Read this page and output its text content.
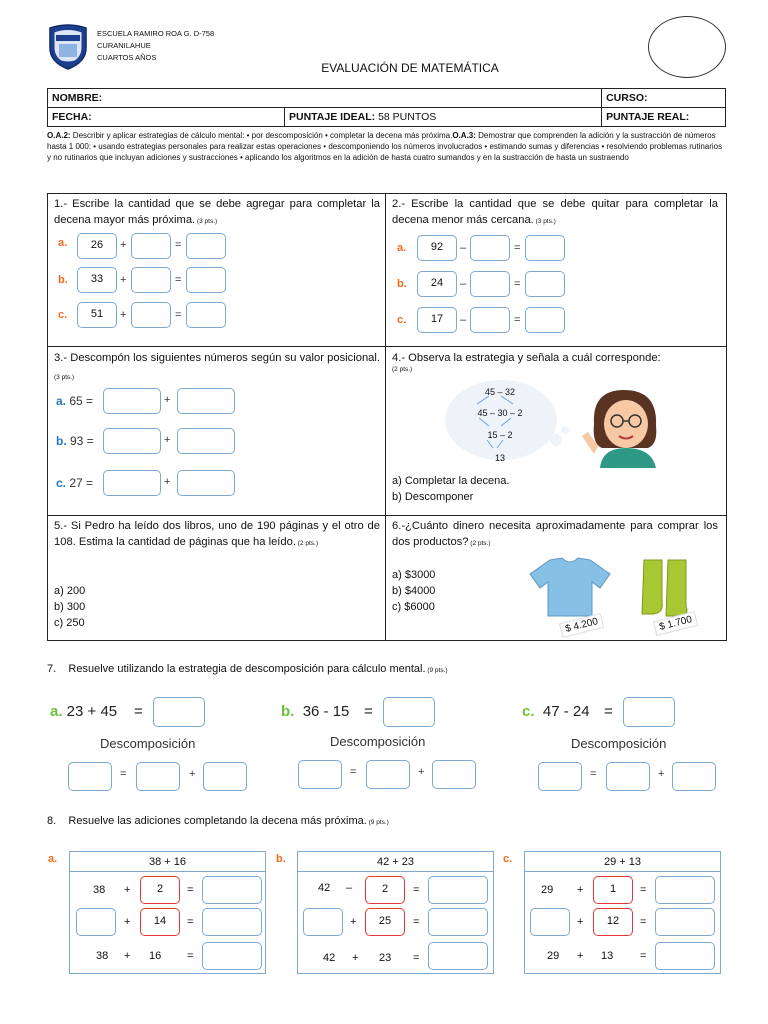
ESCUELA RAMIRO ROA G. D-758
CURANILAHUE
CUARTOS AÑOS
EVALUACIÓN DE MATEMÁTICA
NOMBRE:		CURSO:
FECHA:	PUNTAJE IDEAL: 58 PUNTOS	PUNTAJE REAL:
O.A.2: Describir y aplicar estrategias de cálculo mental: • por descomposición • completar la decena más próxima.O.A.3: Demostrar que comprenden la adición y la sustracción de números hasta 1 000: • usando estrategias personales para realizar estas operaciones • descomponiendo los números involucrados • estimando sumas y diferencias • resolviendo problemas rutinarios y no rutinarios que incluyan adiciones y sustracciones • aplicando los algoritmos en la adición de hasta cuatro sumandos y en la sustracción de hasta un sustraendo
1.- Escribe la cantidad que se debe agregar para completar la decena mayor más próxima. (3 pts.)
a.	26	+	=
b.	33	+	=
c.	51	+	=
2.- Escribe la cantidad que se debe quitar para completar la decena menor más cercana. (3 pts.)
a.	92	–	=
b.	24	–	=
c.	17	–	=
3.- Descompón los siguientes números según su valor posicional. (3 pts.)
a. 65 =	+
b. 93 =	+
c. 27 =	+
4.- Observa la estrategia y señala a cuál corresponde:
(2 pts.)
45 – 32
45 – 30 – 2
15 – 2
13
a) Completar la decena.
b) Descomponer
5.- Si Pedro ha leído dos libros, uno de 190 páginas y el otro de 108. Estima la cantidad de páginas que ha leído. (2 pts.)
a) 200
b) 300
c) 250
6.-¿Cuánto dinero necesita aproximadamente para comprar los dos productos? (2 pts.)
a) $3000
b) $4000
c) $6000
$ 4.200	$ 1.700
7. Resuelve utilizando la estrategia de descomposición para cálculo mental. (9 pts.)
a. 23 + 45 =
Descomposición
=	+
b. 36 - 15 =
Descomposición
=	+
c. 47 - 24 =
Descomposición
=	+
8. Resuelve las adiciones completando la decena más próxima. (9 pts.)
a.	38 + 16
38 +	2	=
+	14	=
38 + 16 =
b.	42 + 23
42 –	2	=
+	25	=
42 + 23 =
c.	29 + 13
29 +	1	=
+	12	=
29 + 13 =
